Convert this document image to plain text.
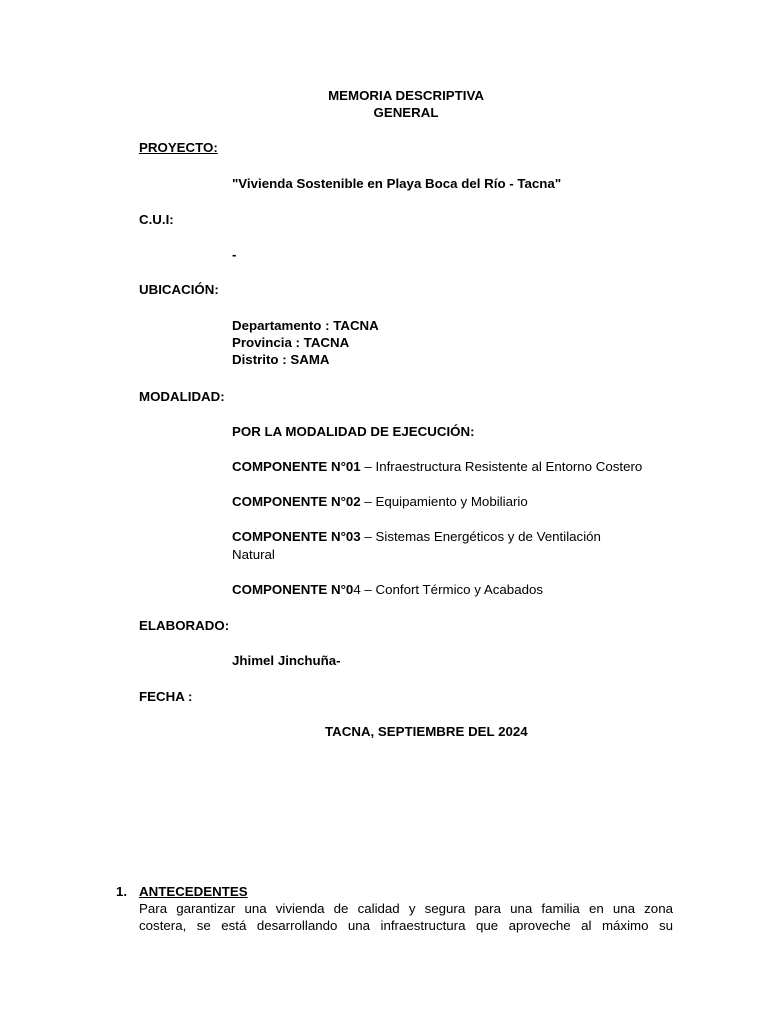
MEMORIA DESCRIPTIVA
GENERAL
PROYECTO:
"Vivienda Sostenible en Playa Boca del Río - Tacna"
C.U.I:
-
UBICACIÓN:
Departamento : TACNA
Provincia : TACNA
Distrito : SAMA
MODALIDAD:
POR LA MODALIDAD DE EJECUCIÓN:
COMPONENTE N°01 – Infraestructura Resistente al Entorno Costero
COMPONENTE N°02 – Equipamiento y Mobiliario
COMPONENTE N°03 – Sistemas Energéticos y de Ventilación
Natural
COMPONENTE N°04 – Confort Térmico y Acabados
ELABORADO:
Jhimel Jinchuña-
FECHA :
TACNA, SEPTIEMBRE DEL 2024
1. ANTECEDENTES
Para garantizar una vivienda de calidad y segura para una familia en una zona
costera, se está desarrollando una infraestructura que aproveche al máximo su
